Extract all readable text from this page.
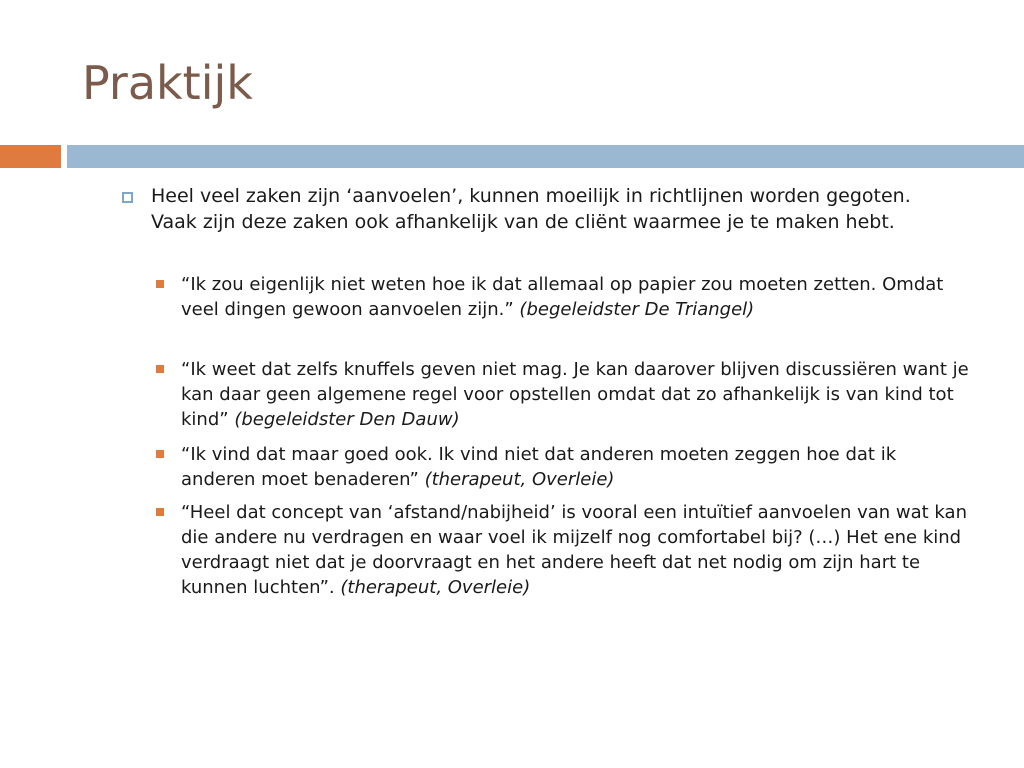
Praktijk
Heel veel zaken zijn ‘aanvoelen’, kunnen moeilijk in richtlijnen worden gegoten. Vaak zijn deze zaken ook afhankelijk van de cliënt waarmee je te maken hebt.
“Ik zou eigenlijk niet weten hoe ik dat allemaal op papier zou moeten zetten. Omdat veel dingen gewoon aanvoelen zijn.” (begeleidster De Triangel)
“Ik weet dat zelfs knuffels geven niet mag. Je kan daarover blijven discussiëren want je kan daar geen algemene regel voor opstellen omdat dat zo afhankelijk is van kind tot kind” (begeleidster Den Dauw)
“Ik vind dat maar goed ook. Ik vind niet dat anderen moeten zeggen hoe dat ik anderen moet benaderen” (therapeut, Overleie)
“Heel dat concept van ‘afstand/nabijheid’ is vooral een intuïtief aanvoelen van wat kan die andere nu verdragen en waar voel ik mijzelf nog comfortabel bij? (…) Het ene kind verdraagt niet dat je doorvraagt en het andere heeft dat net nodig om zijn hart te kunnen luchten”. (therapeut, Overleie)
